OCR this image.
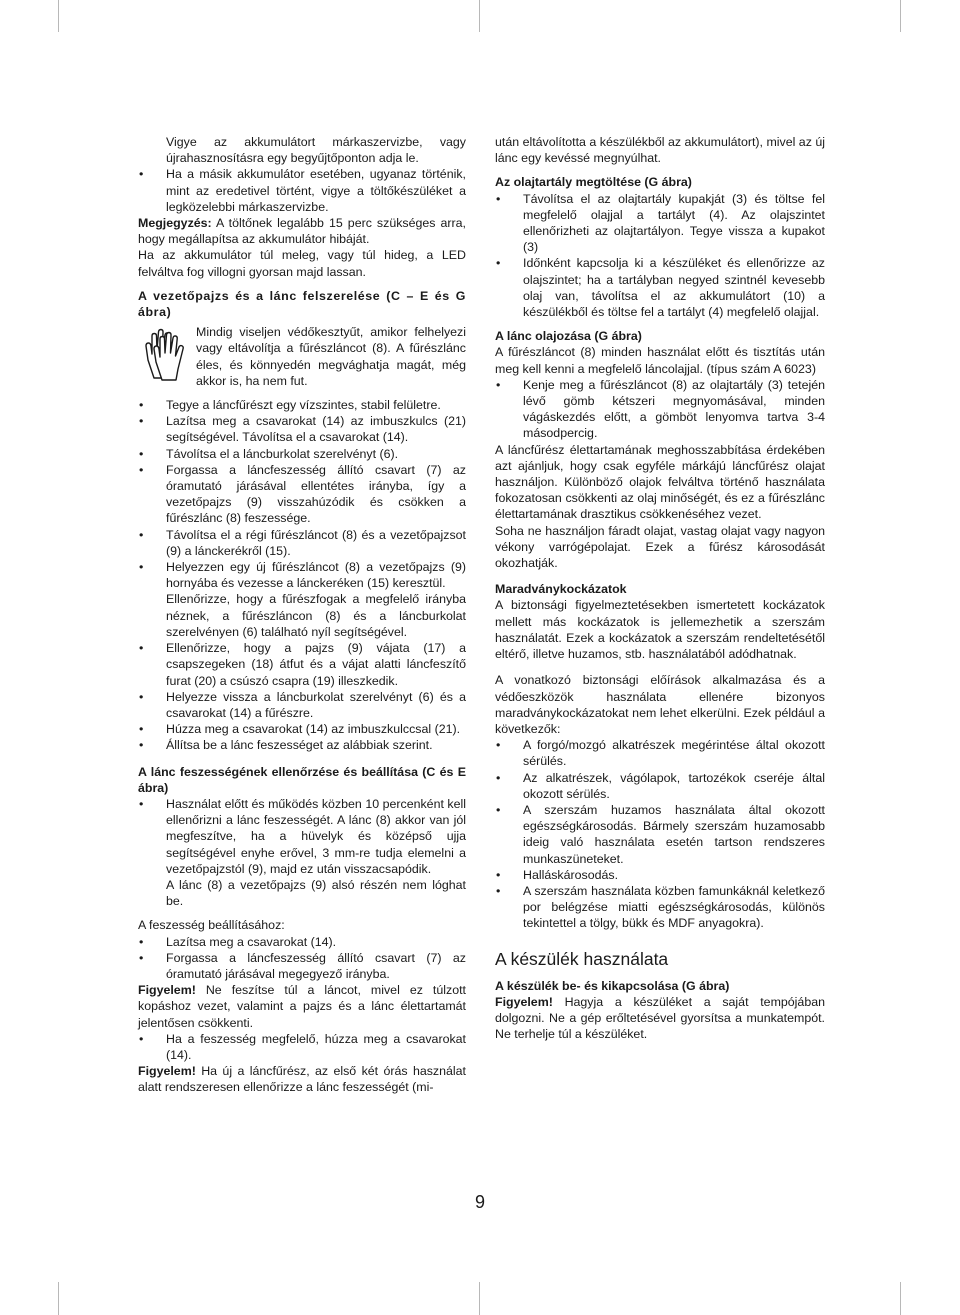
Vigye az akkumulátort márkaszervizbe, vagy újrahasznosításra egy begyűjtőponton adja le.

• Ha a másik akkumulátor esetében, ugyanaz történik, mint az eredetivel történt, vigye a töltőkészüléket a legközelebbi márkaszervizbe.

Megjegyzés: A töltőnek legalább 15 perc szükséges arra, hogy megállapítsa az akkumulátor hibáját.

Ha az akkumulátor túl meleg, vagy túl hideg, a LED felváltva fog villogni gyorsan majd lassan.

A vezetőpajzs és a lánc felszerelése (C – E és G ábra)

Mindig viseljen védőkesztyűt, amikor felhelyezi vagy eltávolítja a fűrészláncot (8). A fűrészlánc éles, és könnyedén megvághatja magát, még akkor is, ha nem fut.

• Tegye a láncfűrészt egy vízszintes, stabil felületre.
• Lazítsa meg a csavarokat (14) az imbuszkulcs (21) segítségével. Távolítsa el a csavarokat (14).
• Távolítsa el a láncburkolat szerelvényt (6).
• Forgassa a láncfeszesség állító csavart (7) az óramutató járásával ellentétes irányba, így a vezetőpajzs (9) visszahúzódik és csökken a fűrészlánc (8) feszessége.
• Távolítsa el a régi fűrészláncot (8) és a vezetőpajzsot (9) a lánckerékről (15).
• Helyezzen egy új fűrészláncot (8) a vezetőpajzs (9) hornyába és vezesse a lánckeréken (15) keresztül.

Ellenőrizze, hogy a fűrészfogak a megfelelő irányba néznek, a fűrészláncon (8) és a láncburkolat szerelvényen (6) található nyíl segítségével.

• Ellenőrizze, hogy a pajzs (9) vájata (17) a csapszegeken (18) átfut és a vájat alatti láncfeszítő furat (20) a csúszó csapra (19) illeszkedik.
• Helyezze vissza a láncburkolat szerelvényt (6) és a csavarokat (14) a fűrészre.
• Húzza meg a csavarokat (14) az imbuszkulccsal (21).
• Állítsa be a lánc feszességet az alábbiak szerint.

A lánc feszességének ellenőrzése és beállítása (C és E ábra)

• Használat előtt és működés közben 10 percenként kell ellenőrizni a lánc feszességét. A lánc (8) akkor van jól megfeszítve, ha a hüvelyk és középső ujja segítségével enyhe erővel, 3 mm-re tudja elemelni a vezetőpajzstól (9), majd ez után visszacsapódik.

A lánc (8) a vezetőpajzs (9) alsó részén nem lóghat be.

A feszesség beállításához:

• Lazítsa meg a csavarokat (14).
• Forgassa a láncfeszesség állító csavart (7) az óramutató járásával megegyező irányba.

Figyelem! Ne feszítse túl a láncot, mivel ez túlzott kopáshoz vezet, valamint a pajzs és a lánc élettartamát jelentősen csökkenti.

• Ha a feszesség megfelelő, húzza meg a csavarokat (14).

Figyelem! Ha új a láncfűrész, az első két órás használat alatt rendszeresen ellenőrizze a lánc feszességét (mi-

után eltávolította a készülékből az akkumulátort), mivel az új lánc egy kevéssé megnyúlhat.

Az olajtartály megtöltése (G ábra)

• Távolítsa el az olajtartály kupakját (3) és töltse fel megfelelő olajjal a tartályt (4). Az olajszintet ellenőrizheti az olajtartályon. Tegye vissza a kupakot (3)
• Időnként kapcsolja ki a készüléket és ellenőrizze az olajszintet; ha a tartályban negyed szintnél kevesebb olaj van, távolítsa el az akkumulátort (10) a készülékből és töltse fel a tartályt (4) megfelelő olajjal.

A lánc olajozása (G ábra)

A fűrészláncot (8) minden használat előtt és tisztítás után meg kell kenni a megfelelő láncolajjal. (típus szám A 6023)

• Kenje meg a fűrészláncot (8) az olajtartály (3) tetején lévő gömb kétszeri megnyomásával, minden vágáskezdés előtt, a gömböt lenyomva tartva 3-4 másodpercig.

A láncfűrész élettartamának meghosszabbítása érdekében azt ajánljuk, hogy csak egyféle márkájú láncfűrész olajat használjon. Különböző olajok felváltva történő használata fokozatosan csökkenti az olaj minőségét, és ez a fűrészlánc élettartamának drasztikus csökkenéséhez vezet.

Soha ne használjon fáradt olajat, vastag olajat vagy nagyon vékony varrógépolajat. Ezek a fűrész károsodását okozhatják.

Maradványkockázatok

A biztonsági figyelmeztetésekben ismertetett kockázatok mellett más kockázatok is jellemezhetik a szerszám használatát. Ezek a kockázatok a szerszám rendeltetésétől eltérő, illetve huzamos, stb. használatából adódhatnak.

A vonatkozó biztonsági előírások alkalmazása és a védőeszközök használata ellenére bizonyos maradványkockázatokat nem lehet elkerülni. Ezek például a következők:

• A forgó/mozgó alkatrészek megérintése által okozott sérülés.
• Az alkatrészek, vágólapok, tartozékok cseréje által okozott sérülés.
• A szerszám huzamos használata által okozott egészségkárosodás. Bármely szerszám huzamosabb ideig való használata esetén tartson rendszeres munkaszüneteket.
• Halláskárosodás.
• A szerszám használata közben famunkáknál keletkező por belégzése miatti egészségkárosodás, különös tekintettel a tölgy, bükk és MDF anyagokra).

A készülék használata

A készülék be- és kikapcsolása (G ábra)

Figyelem! Hagyja a készüléket a saját tempójában dolgozni. Ne a gép erőltetésével gyorsítsa a munkatempót. Ne terhelje túl a készüléket.

9
